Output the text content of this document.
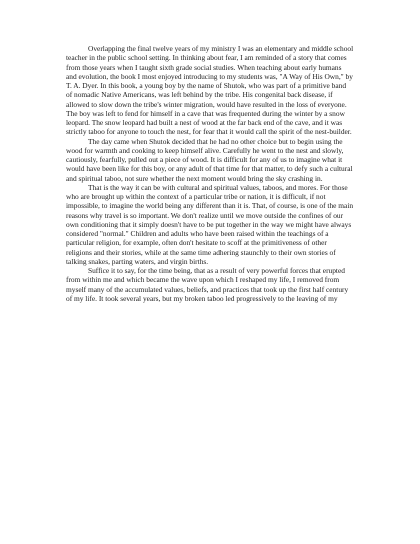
Overlapping the final twelve years of my ministry I was an elementary and middle school teacher in the public school setting. In thinking about fear, I am reminded of a story that comes from those years when I taught sixth grade social studies. When teaching about early humans and evolution, the book I most enjoyed introducing to my students was, "A Way of His Own," by T. A. Dyer. In this book, a young boy by the name of Shutok, who was part of a primitive band of nomadic Native Americans, was left behind by the tribe. His congenital back disease, if allowed to slow down the tribe's winter migration, would have resulted in the loss of everyone. The boy was left to fend for himself in a cave that was frequented during the winter by a snow leopard. The snow leopard had built a nest of wood at the far back end of the cave, and it was strictly taboo for anyone to touch the nest, for fear that it would call the spirit of the nest-builder.

The day came when Shutok decided that he had no other choice but to begin using the wood for warmth and cooking to keep himself alive. Carefully he went to the nest and slowly, cautiously, fearfully, pulled out a piece of wood. It is difficult for any of us to imagine what it would have been like for this boy, or any adult of that time for that matter, to defy such a cultural and spiritual taboo, not sure whether the next moment would bring the sky crashing in.

That is the way it can be with cultural and spiritual values, taboos, and mores. For those who are brought up within the context of a particular tribe or nation, it is difficult, if not impossible, to imagine the world being any different than it is. That, of course, is one of the main reasons why travel is so important. We don't realize until we move outside the confines of our own conditioning that it simply doesn't have to be put together in the way we might have always considered "normal." Children and adults who have been raised within the teachings of a particular religion, for example, often don't hesitate to scoff at the primitiveness of other religions and their stories, while at the same time adhering staunchly to their own stories of talking snakes, parting waters, and virgin births.

Suffice it to say, for the time being, that as a result of very powerful forces that erupted from within me and which became the wave upon which I reshaped my life, I removed from myself many of the accumulated values, beliefs, and practices that took up the first half century of my life. It took several years, but my broken taboo led progressively to the leaving of my
